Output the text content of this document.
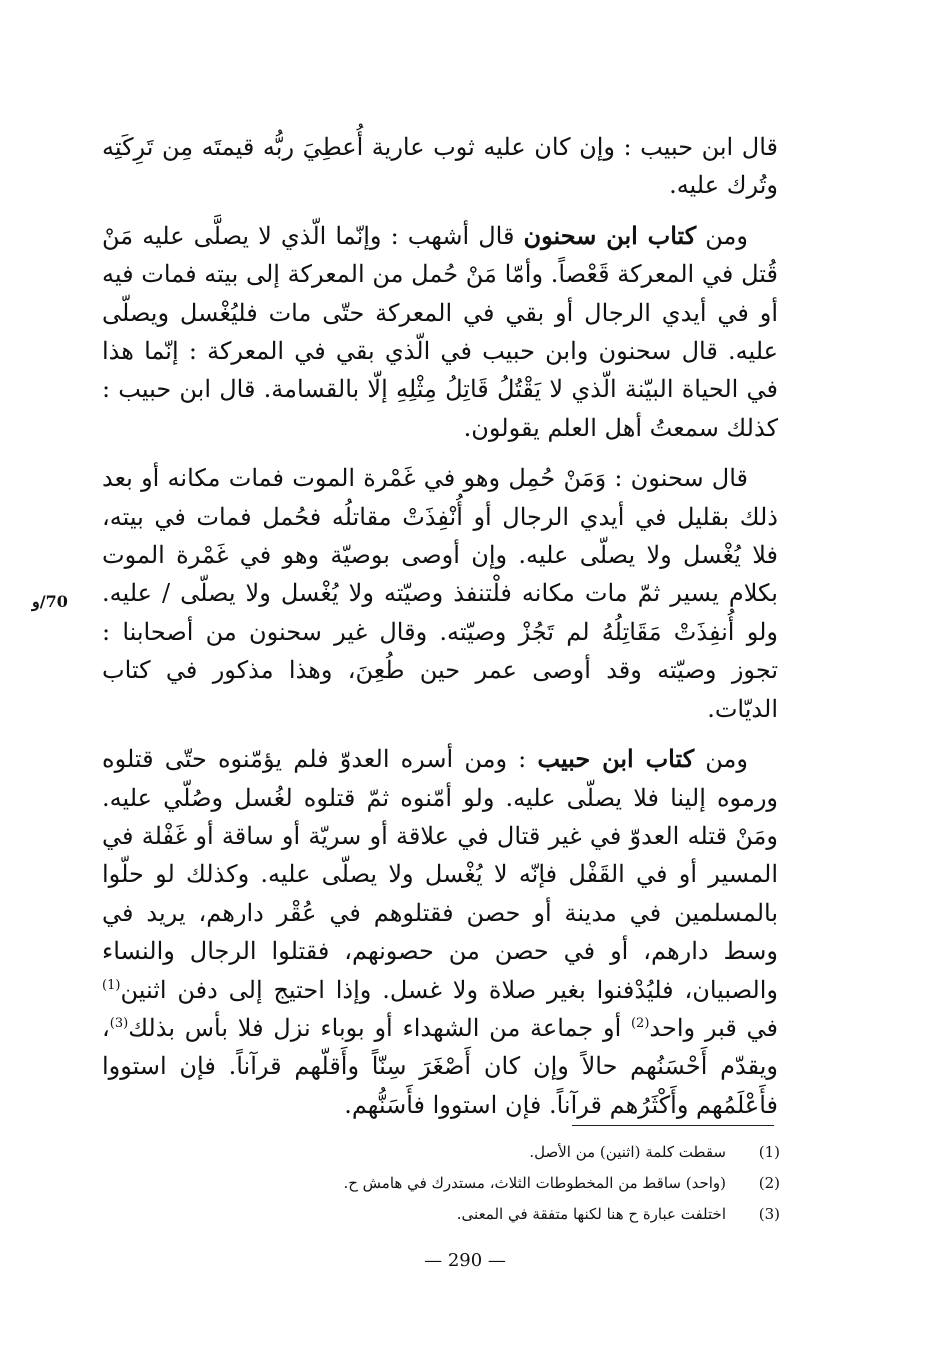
قال ابن حبيب : وإن كان عليه ثوب عارية أُعطِيَ ربُّه قيمتَه مِن تَرِكَتِه وتُرك عليه.

ومن كتاب ابن سحنون قال أشهب : وإنّما الّذي لا يصلَّى عليه مَنْ قُتل في المعركة قَعْصاً. وأمّا مَنْ حُمل من المعركة إلى بيته فمات فيه أو في أيدي الرجال أو بقي في المعركة حتّى مات فليُغْسل ويصلّى عليه. قال سحنون وابن حبيب في الّذي بقي في المعركة : إنّما هذا في الحياة البيّنة الّذي لا يَقْتُلُ قَاتِلُ مِثْلِهِ إلّا بالقسامة. قال ابن حبيب : كذلك سمعتُ أهل العلم يقولون.

قال سحنون : وَمَنْ حُمِل وهو في غَمْرة الموت فمات مكانه أو بعد ذلك بقليل في أيدي الرجال أو أُنْفِذَتْ مقاتلُه فحُمل فمات في بيته، فلا يُغْسل ولا يصلّى عليه. وإن أوصى بوصيّة وهو في غَمْرة الموت بكلام يسير ثمّ مات مكانه فلْتنفذ وصيّته ولا يُغْسل ولا يصلّى / عليه. ولو أُنفِذَتْ مَقَاتِلُهُ لم تَجُزْ وصيّته. وقال غير سحنون من أصحابنا : تجوز وصيّته وقد أوصى عمر حين طُعِنَ، وهذا مذكور في كتاب الديّات.

ومن كتاب ابن حبيب : ومن أسره العدوّ فلم يؤمّنوه حتّى قتلوه ورموه إلينا فلا يصلّى عليه. ولو أمّنوه ثمّ قتلوه لغُسل وصُلّي عليه. ومَنْ قتله العدوّ في غير قتال في علاقة أو سريّة أو ساقة أو غَفْلة في المسير أو في القَفْل فإنّه لا يُغْسل ولا يصلّى عليه. وكذلك لو حلّوا بالمسلمين في مدينة أو حصن فقتلوهم في عُقْر دارهم، يريد في وسط دارهم، أو في حصن من حصونهم، فقتلوا الرجال والنساء والصبيان، فليُدْفنوا بغير صلاة ولا غسل. وإذا احتيج إلى دفن اثنين$^{(1)}$ في قبر واحد$^{(2)}$ أو جماعة من الشهداء أو بوباء نزل فلا بأس بذلك$^{(3)}$، ويقدّم أَحْسَنُهم حالاً وإن كان أَصْغَرَ سِنّاً وأَقلّهم قرآناً. فإن استووا فأَعْلَمُهم وأَكْثَرُهم قرآناً. فإن استووا فأَسَنُّهم.

70/و
(1)
سقطت كلمة (اثنين) من الأصل.
(2)
(واحد) ساقط من المخطوطات الثلاث، مستدرك في هامش ح.
(3)
اختلفت عبارة ح هنا لكنها متفقة في المعنى.
— 290 —
